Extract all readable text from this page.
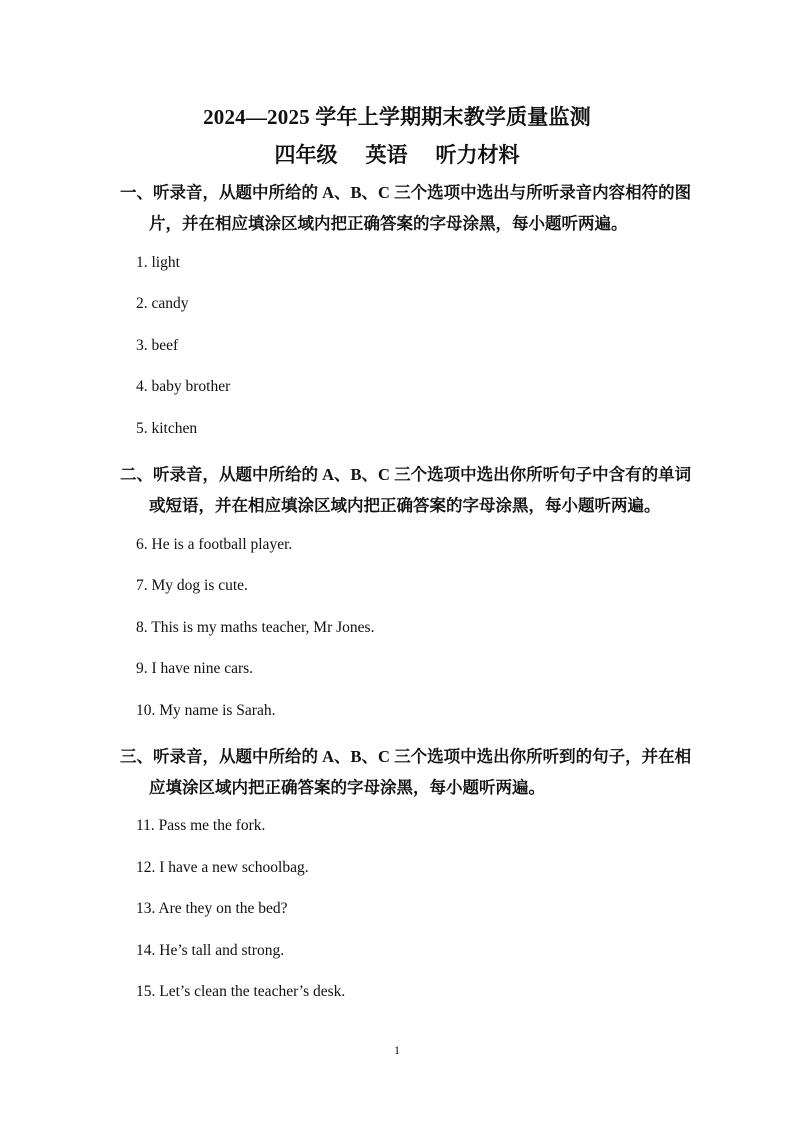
2024—2025 学年上学期期末教学质量监测
四年级 英语 听力材料
一、听录音，从题中所给的 A、B、C 三个选项中选出与所听录音内容相符的图
片，并在相应填涂区域内把正确答案的字母涂黑，每小题听两遍。
1. light
2. candy
3. beef
4. baby brother
5. kitchen
二、听录音，从题中所给的 A、B、C 三个选项中选出你所听句子中含有的单词
或短语，并在相应填涂区域内把正确答案的字母涂黑，每小题听两遍。
6. He is a football player.
7. My dog is cute.
8. This is my maths teacher, Mr Jones.
9. I have nine cars.
10. My name is Sarah.
三、听录音，从题中所给的 A、B、C 三个选项中选出你所听到的句子，并在相
应填涂区域内把正确答案的字母涂黑，每小题听两遍。
11. Pass me the fork.
12. I have a new schoolbag.
13. Are they on the bed?
14. He’s tall and strong.
15. Let’s clean the teacher’s desk.
1
